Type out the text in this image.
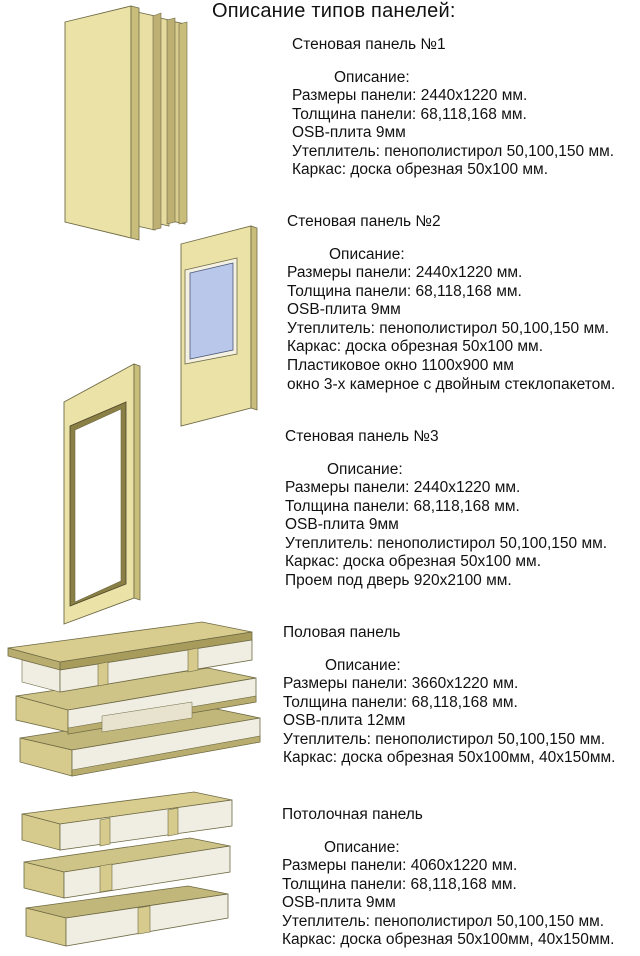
Описание типов панелей:
Стеновая панель №1
Описание:
Размеры панели: 2440x1220 мм.
Толщина панели: 68,118,168 мм.
OSB-плита 9мм
Утеплитель: пенополистирол 50,100,150 мм.
Каркас: доска обрезная 50x100 мм.
Стеновая панель №2
Описание:
Размеры панели: 2440x1220 мм.
Толщина панели: 68,118,168 мм.
OSB-плита 9мм
Утеплитель: пенополистирол 50,100,150 мм.
Каркас: доска обрезная 50x100 мм.
Пластиковое окно 1100x900 мм
окно 3-х камерное с двойным стеклопакетом.
Стеновая панель №3
Описание:
Размеры панели: 2440x1220 мм.
Толщина панели: 68,118,168 мм.
OSB-плита 9мм
Утеплитель: пенополистирол 50,100,150 мм.
Каркас: доска обрезная 50x100 мм.
Проем под дверь 920x2100 мм.
Половая панель
Описание:
Размеры панели: 3660x1220 мм.
Толщина панели: 68,118,168 мм.
OSB-плита 12мм
Утеплитель: пенополистирол 50,100,150 мм.
Каркас: доска обрезная 50x100мм, 40x150мм.
Потолочная панель
Описание:
Размеры панели: 4060x1220 мм.
Толщина панели: 68,118,168 мм.
OSB-плита 9мм
Утеплитель: пенополистирол 50,100,150 мм.
Каркас: доска обрезная 50x100мм, 40x150мм.
